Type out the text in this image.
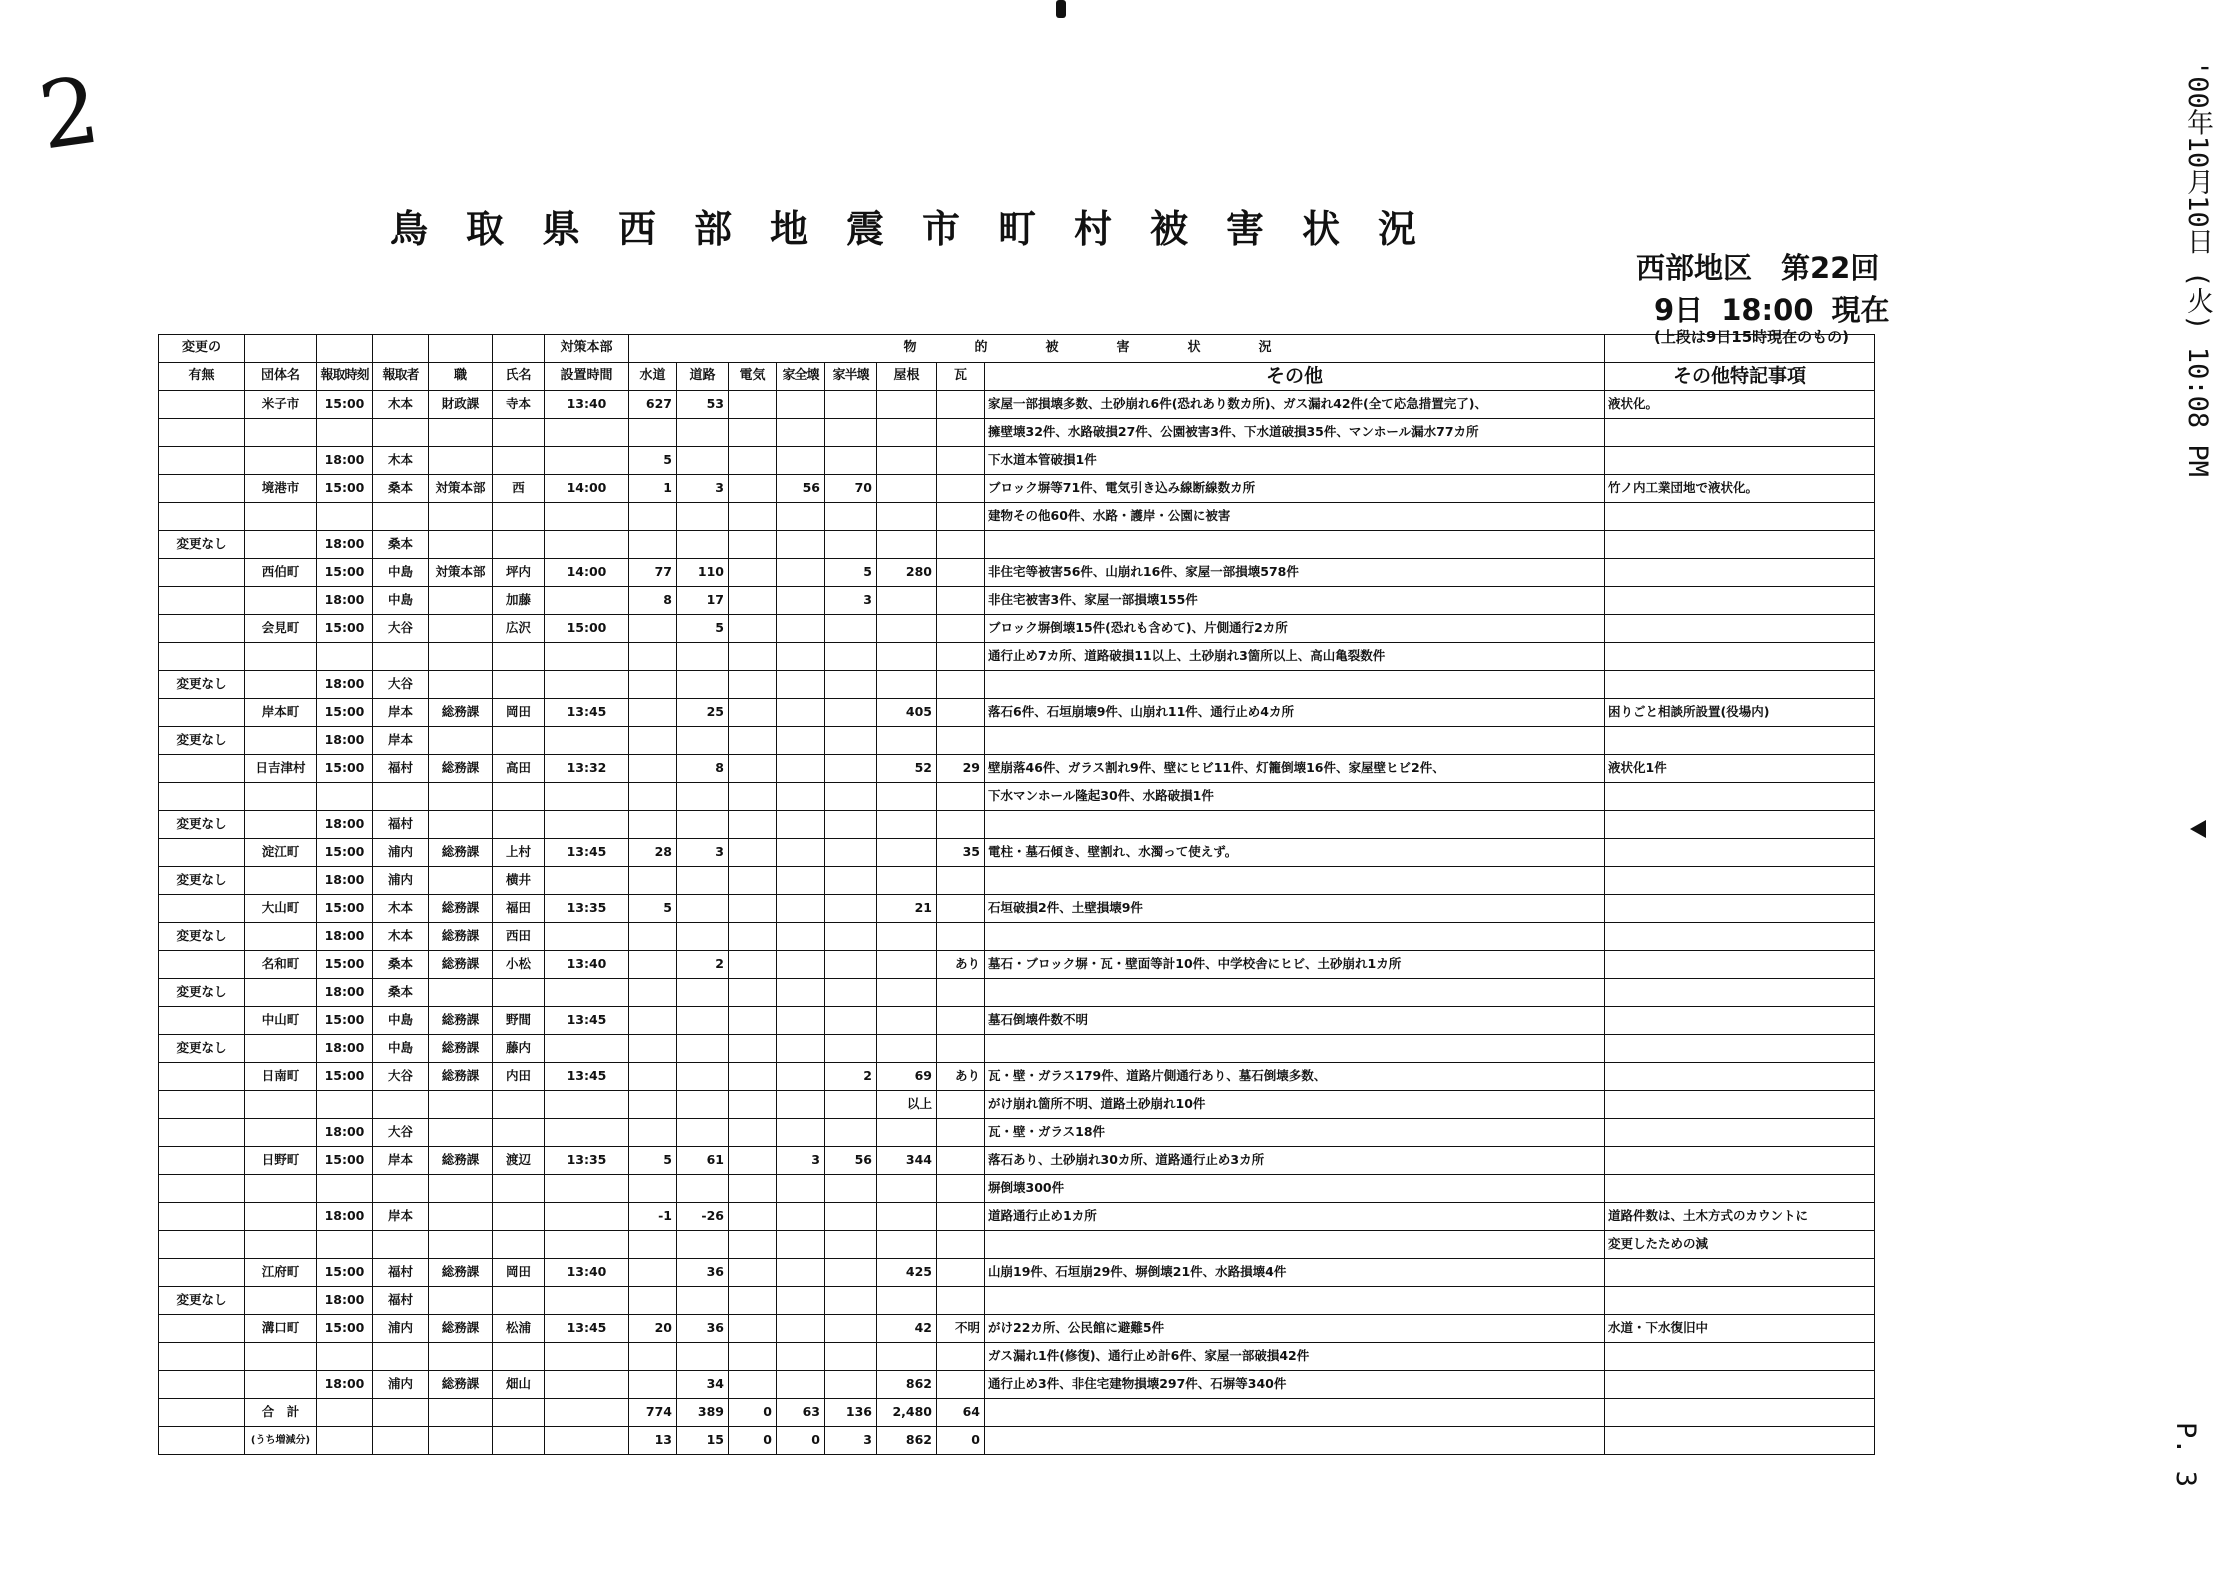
2
鳥取県西部地震市町村被害状況
西部地区　第22回
9日 18:00 現在
(上段は9日15時現在のもの)	'00年10月10日 (火) 10:08 PM
P. 3
変更の						対策本部	物的被害状況								
有無	団体名	報取時刻	報取者	職	氏名	設置時間	水道	道路	電気	家全壊	家半壊	屋根	瓦	その他	その他特記事項
	米子市	15:00	木本	財政課	寺本	13:40	627	53						家屋一部損壊多数、土砂崩れ6件(恐れあり数カ所)、ガス漏れ42件(全て応急措置完了)、	液状化。
														擁壁壊32件、水路破損27件、公園被害3件、下水道破損35件、マンホール漏水77カ所	
		18:00	木本				5							下水道本管破損1件	
	境港市	15:00	桑本	対策本部	西	14:00	1	3		56	70			ブロック塀等71件、電気引き込み線断線数カ所	竹ノ内工業団地で液状化。
														建物その他60件、水路・護岸・公園に被害	
変更なし		18:00	桑本												
	西伯町	15:00	中島	対策本部	坪内	14:00	77	110			5	280		非住宅等被害56件、山崩れ16件、家屋一部損壊578件	
		18:00	中島		加藤		8	17			3			非住宅被害3件、家屋一部損壊155件	
	会見町	15:00	大谷		広沢	15:00		5						ブロック塀倒壊15件(恐れも含めて)、片側通行2カ所	
														通行止め7カ所、道路破損11以上、土砂崩れ3箇所以上、高山亀裂数件	
変更なし		18:00	大谷												
	岸本町	15:00	岸本	総務課	岡田	13:45		25				405		落石6件、石垣崩壊9件、山崩れ11件、通行止め4カ所	困りごと相談所設置(役場内)
変更なし		18:00	岸本												
	日吉津村	15:00	福村	総務課	高田	13:32		8				52	29	壁崩落46件、ガラス割れ9件、壁にヒビ11件、灯籠倒壊16件、家屋壁ヒビ2件、	液状化1件
														下水マンホール隆起30件、水路破損1件	
変更なし		18:00	福村												
	淀江町	15:00	浦内	総務課	上村	13:45	28	3					35	電柱・墓石傾き、壁割れ、水濁って使えず。	
変更なし		18:00	浦内		横井										
	大山町	15:00	木本	総務課	福田	13:35	5					21		石垣破損2件、土壁損壊9件	
変更なし		18:00	木本	総務課	西田										
	名和町	15:00	桑本	総務課	小松	13:40		2					あり	墓石・ブロック塀・瓦・壁面等計10件、中学校舎にヒビ、土砂崩れ1カ所	
変更なし		18:00	桑本												
	中山町	15:00	中島	総務課	野間	13:45								墓石倒壊件数不明	
変更なし		18:00	中島	総務課	藤内										
	日南町	15:00	大谷	総務課	内田	13:45					2	69	あり	瓦・壁・ガラス179件、道路片側通行あり、墓石倒壊多数、	
												以上		がけ崩れ箇所不明、道路土砂崩れ10件	
		18:00	大谷											瓦・壁・ガラス18件	
	日野町	15:00	岸本	総務課	渡辺	13:35	5	61		3	56	344		落石あり、土砂崩れ30カ所、道路通行止め3カ所	
														塀倒壊300件	
		18:00	岸本				-1	-26						道路通行止め1カ所	道路件数は、土木方式のカウントに
															変更したための減
	江府町	15:00	福村	総務課	岡田	13:40		36				425		山崩19件、石垣崩29件、塀倒壊21件、水路損壊4件	
変更なし		18:00	福村												
	溝口町	15:00	浦内	総務課	松浦	13:45	20	36				42	不明	がけ22カ所、公民館に避難5件	水道・下水復旧中
														ガス漏れ1件(修復)、通行止め計6件、家屋一部破損42件	
		18:00	浦内	総務課	畑山			34				862		通行止め3件、非住宅建物損壊297件、石塀等340件	
	合　計						774	389	0	63	136	2,480	64		
	(うち増減分)						13	15	0	0	3	862	0		
